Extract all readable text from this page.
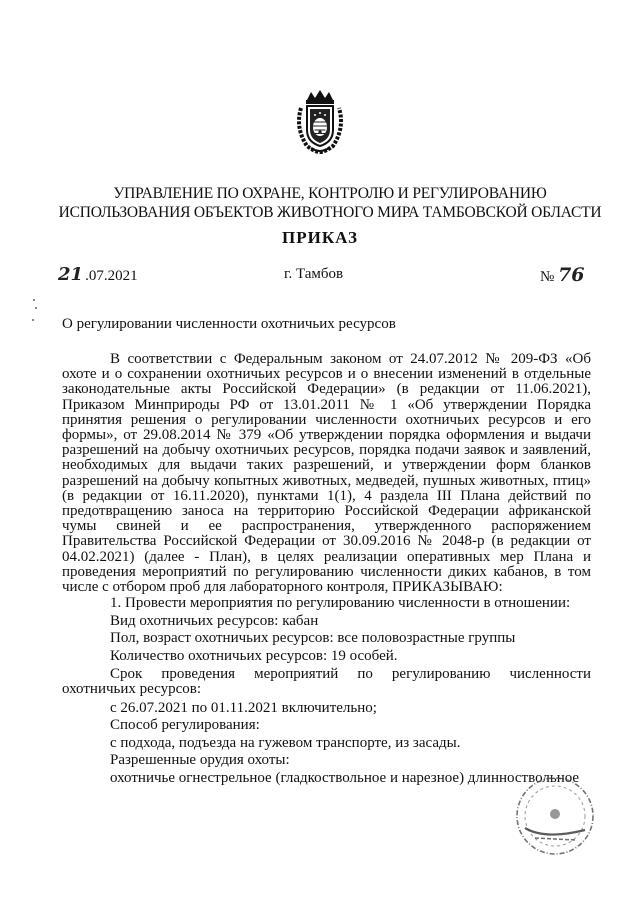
УПРАВЛЕНИЕ ПО ОХРАНЕ, КОНТРОЛЮ И РЕГУЛИРОВАНИЮ
ИСПОЛЬЗОВАНИЯ ОБЪЕКТОВ ЖИВОТНОГО МИРА ТАМБОВСКОЙ ОБЛАСТИ
ПРИКАЗ
21 .07.2021	г. Тамбов	№ 76
О регулировании численности охотничьих ресурсов

В соответствии с Федеральным законом от 24.07.2012 № 209-ФЗ «Об охоте и о сохранении охотничьих ресурсов и о внесении изменений в отдельные законодательные акты Российской Федерации» (в редакции от 11.06.2021), Приказом Минприроды РФ от 13.01.2011 № 1 «Об утверждении Порядка принятия решения о регулировании численности охотничьих ресурсов и его формы», от 29.08.2014 № 379 «Об утверждении порядка оформления и выдачи разрешений на добычу охотничьих ресурсов, порядка подачи заявок и заявлений, необходимых для выдачи таких разрешений, и утверждении форм бланков разрешений на добычу копытных животных, медведей, пушных животных, птиц» (в редакции от 16.11.2020), пунктами 1(1), 4 раздела III Плана действий по предотвращению заноса на территорию Российской Федерации африканской чумы свиней и ее распространения, утвержденного распоряжением Правительства Российской Федерации от 30.09.2016 № 2048-р (в редакции от 04.02.2021) (далее - План), в целях реализации оперативных мер Плана и проведения мероприятий по регулированию численности диких кабанов, в том числе с отбором проб для лабораторного контроля, ПРИКАЗЫВАЮ:

1. Провести мероприятия по регулированию численности в отношении:

Вид охотничьих ресурсов: кабан

Пол, возраст охотничьих ресурсов: все половозрастные группы

Количество охотничьих ресурсов: 19 особей.

Срок проведения мероприятий по регулированию численности охотничьих ресурсов:

с 26.07.2021 по 01.11.2021 включительно;

Способ регулирования:

с подхода, подъезда на гужевом транспорте, из засады.

Разрешенные орудия охоты:

охотничье огнестрельное (гладкоствольное и нарезное) длинноствольное
